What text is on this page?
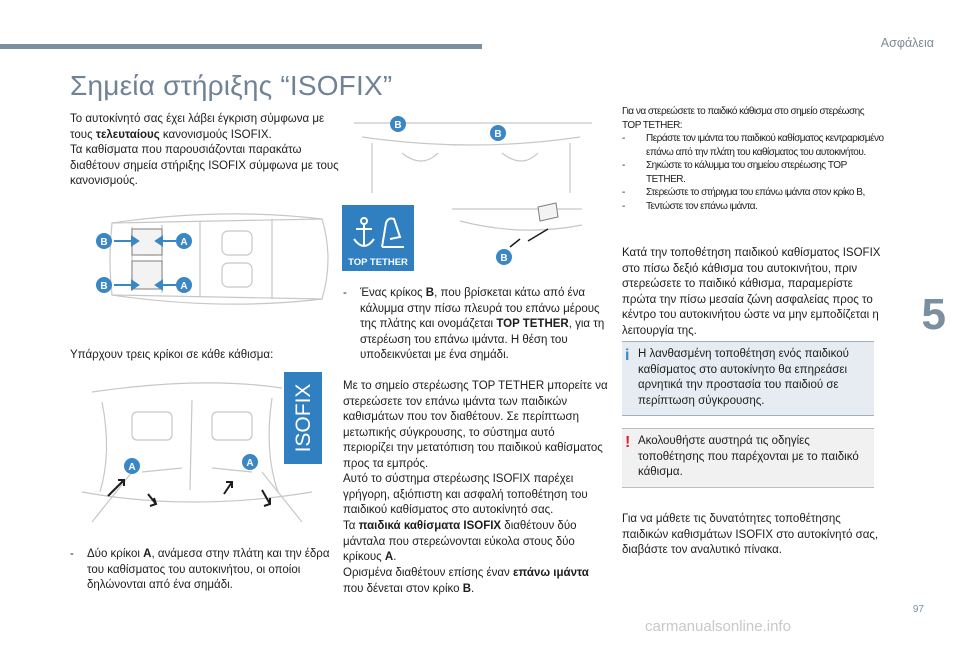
Ασφάλεια
Σημεία στήριξης “ISOFIX”
5
97
carmanualsonline.info

Το αυτοκίνητό σας έχει λάβει έγκριση σύμφωνα με τους τελευταίους κανονισμούς ISOFIX.

Τα καθίσματα που παρουσιάζονται παρακάτω διαθέτουν σημεία στήριξης ISOFIX σύμφωνα με τους κανονισμούς.

B	A
B	A

Υπάρχουν τρεις κρίκοι σε κάθε κάθισμα:

A	A
ISOFIX
- Δύο κρίκοι A, ανάμεσα στην πλάτη και την έδρα του καθίσματος του αυτοκινήτου, οι οποίοι δηλώνονται από ένα σημάδι.
B
B
B
TOP TETHER
- Ένας κρίκος B, που βρίσκεται κάτω από ένα κάλυμμα στην πίσω πλευρά του επάνω μέρους της πλάτης και ονομάζεται TOP TETHER, για τη στερέωση του επάνω ιμάντα. Η θέση του υποδεικνύεται με ένα σημάδι.

Με το σημείο στερέωσης TOP TETHER μπορείτε να στερεώσετε τον επάνω ιμάντα των παιδικών καθισμάτων που τον διαθέτουν. Σε περίπτωση μετωπικής σύγκρουσης, το σύστημα αυτό περιορίζει την μετατόπιση του παιδικού καθίσματος προς τα εμπρός.

Αυτό το σύστημα στερέωσης ISOFIX παρέχει γρήγορη, αξιόπιστη και ασφαλή τοποθέτηση του παιδικού καθίσματος στο αυτοκίνητό σας.

Τα παιδικά καθίσματα ISOFIX διαθέτουν δύο μάνταλα που στερεώνονται εύκολα στους δύο κρίκους A.

Ορισμένα διαθέτουν επίσης έναν επάνω ιμάντα που δένεται στον κρίκο B.

Για να στερεώσετε το παιδικό κάθισμα στο σημείο στερέωσης TOP TETHER:

- Περάστε τον ιμάντα του παιδικού καθίσματος κεντραρισμένο επάνω από την πλάτη του καθίσματος του αυτοκινήτου.
- Σηκώστε το κάλυμμα του σημείου στερέωσης TOP TETHER.
- Στερεώστε το στήριγμα του επάνω ιμάντα στον κρίκο B,
- Τεντώστε τον επάνω ιμάντα.

Κατά την τοποθέτηση παιδικού καθίσματος ISOFIX στο πίσω δεξιό κάθισμα του αυτοκινήτου, πριν στερεώσετε το παιδικό κάθισμα, παραμερίστε πρώτα την πίσω μεσαία ζώνη ασφαλείας προς το κέντρο του αυτοκινήτου ώστε να μην εμποδίζεται η λειτουργία της.

i Η λανθασμένη τοποθέτηση ενός παιδικού καθίσματος στο αυτοκίνητο θα επηρεάσει αρνητικά την προστασία του παιδιού σε περίπτωση σύγκρουσης.
! Ακολουθήστε αυστηρά τις οδηγίες τοποθέτησης που παρέχονται με το παιδικό κάθισμα.

Για να μάθετε τις δυνατότητες τοποθέτησης παιδικών καθισμάτων ISOFIX στο αυτοκίνητό σας, διαβάστε τον αναλυτικό πίνακα.
